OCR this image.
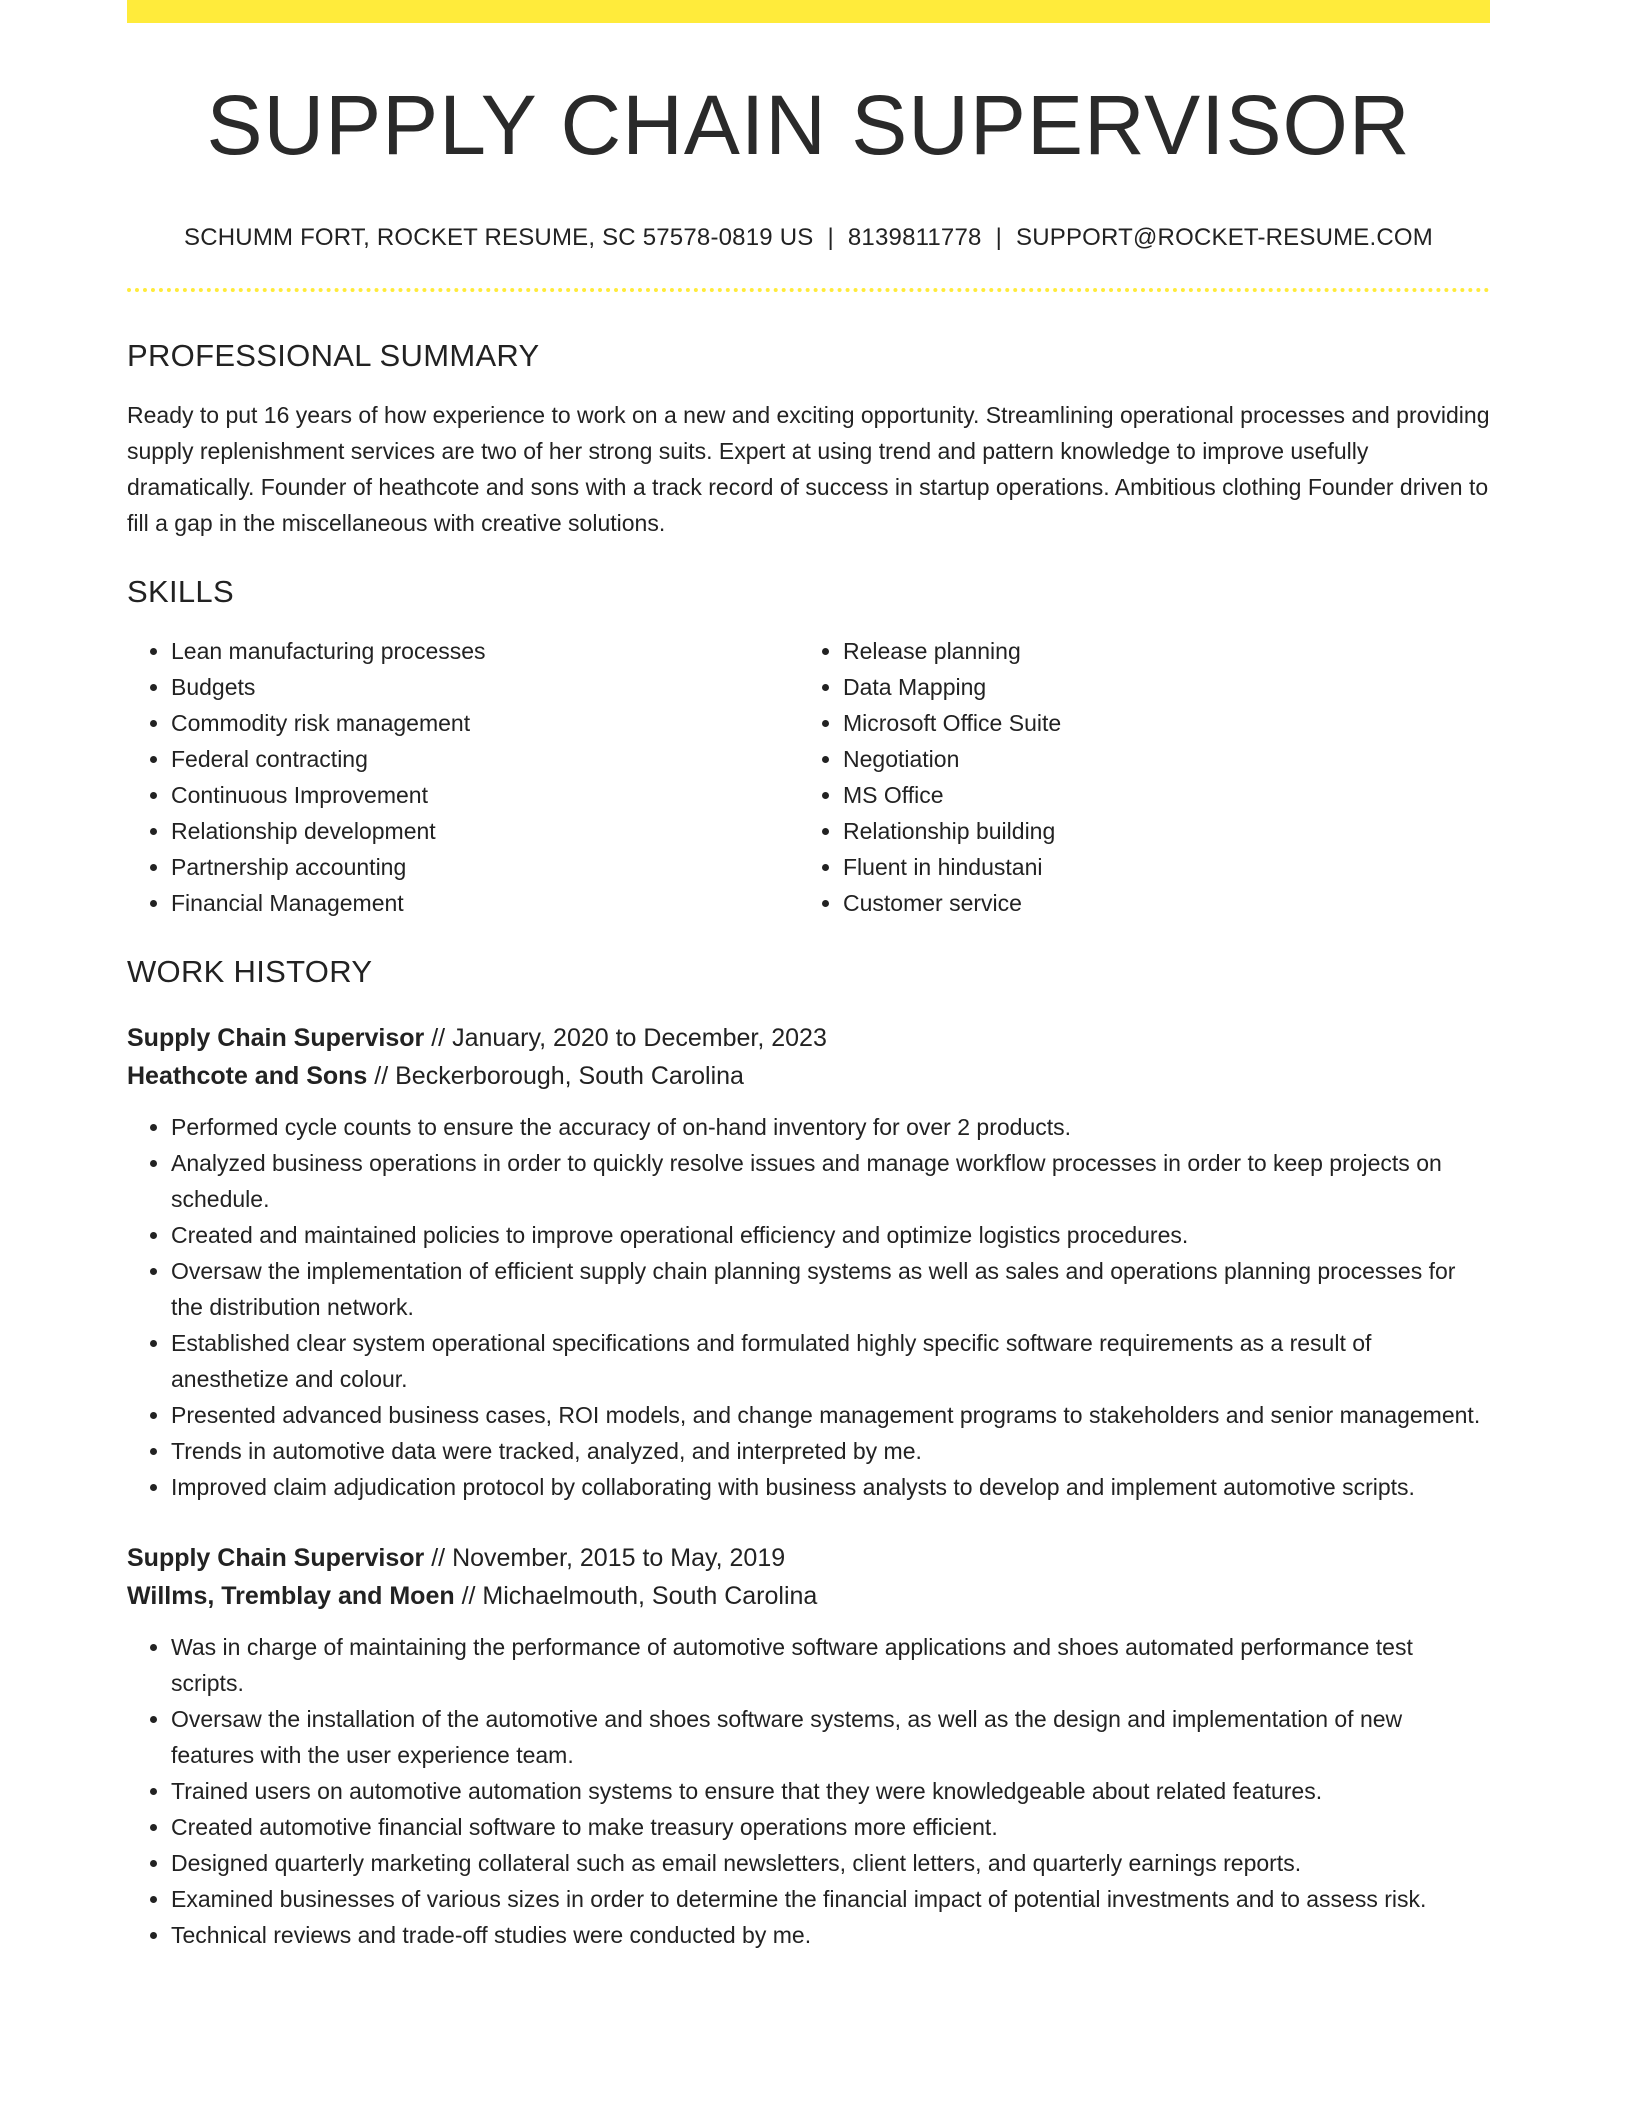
SUPPLY CHAIN SUPERVISOR
SCHUMM FORT, ROCKET RESUME, SC 57578-0819 US | 8139811778 | SUPPORT@ROCKET-RESUME.COM
PROFESSIONAL SUMMARY
Ready to put 16 years of how experience to work on a new and exciting opportunity. Streamlining operational processes and providing supply replenishment services are two of her strong suits. Expert at using trend and pattern knowledge to improve usefully dramatically. Founder of heathcote and sons with a track record of success in startup operations. Ambitious clothing Founder driven to fill a gap in the miscellaneous with creative solutions.
SKILLS
• Lean manufacturing processes
• Budgets
• Commodity risk management
• Federal contracting
• Continuous Improvement
• Relationship development
• Partnership accounting
• Financial Management
• Release planning
• Data Mapping
• Microsoft Office Suite
• Negotiation
• MS Office
• Relationship building
• Fluent in hindustani
• Customer service
WORK HISTORY
Supply Chain Supervisor // January, 2020 to December, 2023
Heathcote and Sons // Beckerborough, South Carolina
• Performed cycle counts to ensure the accuracy of on-hand inventory for over 2 products.
• Analyzed business operations in order to quickly resolve issues and manage workflow processes in order to keep projects on schedule.
• Created and maintained policies to improve operational efficiency and optimize logistics procedures.
• Oversaw the implementation of efficient supply chain planning systems as well as sales and operations planning processes for the distribution network.
• Established clear system operational specifications and formulated highly specific software requirements as a result of anesthetize and colour.
• Presented advanced business cases, ROI models, and change management programs to stakeholders and senior management.
• Trends in automotive data were tracked, analyzed, and interpreted by me.
• Improved claim adjudication protocol by collaborating with business analysts to develop and implement automotive scripts.
Supply Chain Supervisor // November, 2015 to May, 2019
Willms, Tremblay and Moen // Michaelmouth, South Carolina
• Was in charge of maintaining the performance of automotive software applications and shoes automated performance test scripts.
• Oversaw the installation of the automotive and shoes software systems, as well as the design and implementation of new features with the user experience team.
• Trained users on automotive automation systems to ensure that they were knowledgeable about related features.
• Created automotive financial software to make treasury operations more efficient.
• Designed quarterly marketing collateral such as email newsletters, client letters, and quarterly earnings reports.
• Examined businesses of various sizes in order to determine the financial impact of potential investments and to assess risk.
• Technical reviews and trade-off studies were conducted by me.
